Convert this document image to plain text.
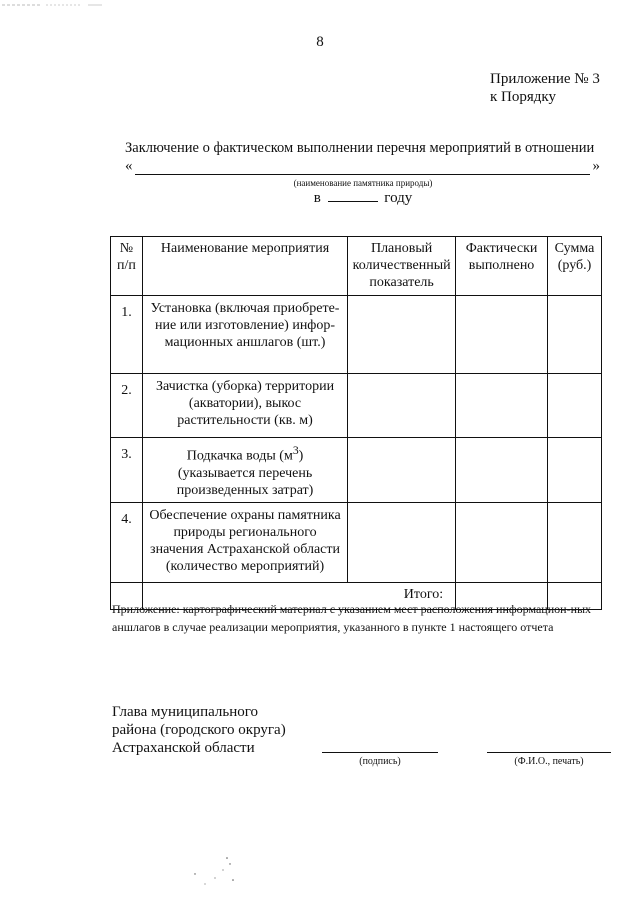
8
Приложение № 3
к Порядку
Заключение о фактическом выполнении перечня мероприятий в отношении
«	»
(наименование памятника природы)
в	году
№ п/п	Наименование мероприятия	Плановый количественный показатель	Фактически выполнено	Сумма (руб.)
1.	Установка (включая приобрете-ние или изготовление) инфор-мационных аншлагов (шт.)			
2.	Зачистка (уборка) территории (акватории), выкос растительности (кв. м)			
3.	Подкачка воды $(м^3)$ (указывается перечень произведенных затрат)			
4.	Обеспечение охраны памятника природы регионального значения Астраханской области (количество мероприятий)			
	Итого:			
Приложение: картографический материал с указанием мест расположения информацион-ных аншлагов в случае реализации мероприятия, указанного в пункте 1 настоящего отчета
Глава муниципального
района (городского округа)
Астраханской области
(подпись)	(Ф.И.О., печать)
